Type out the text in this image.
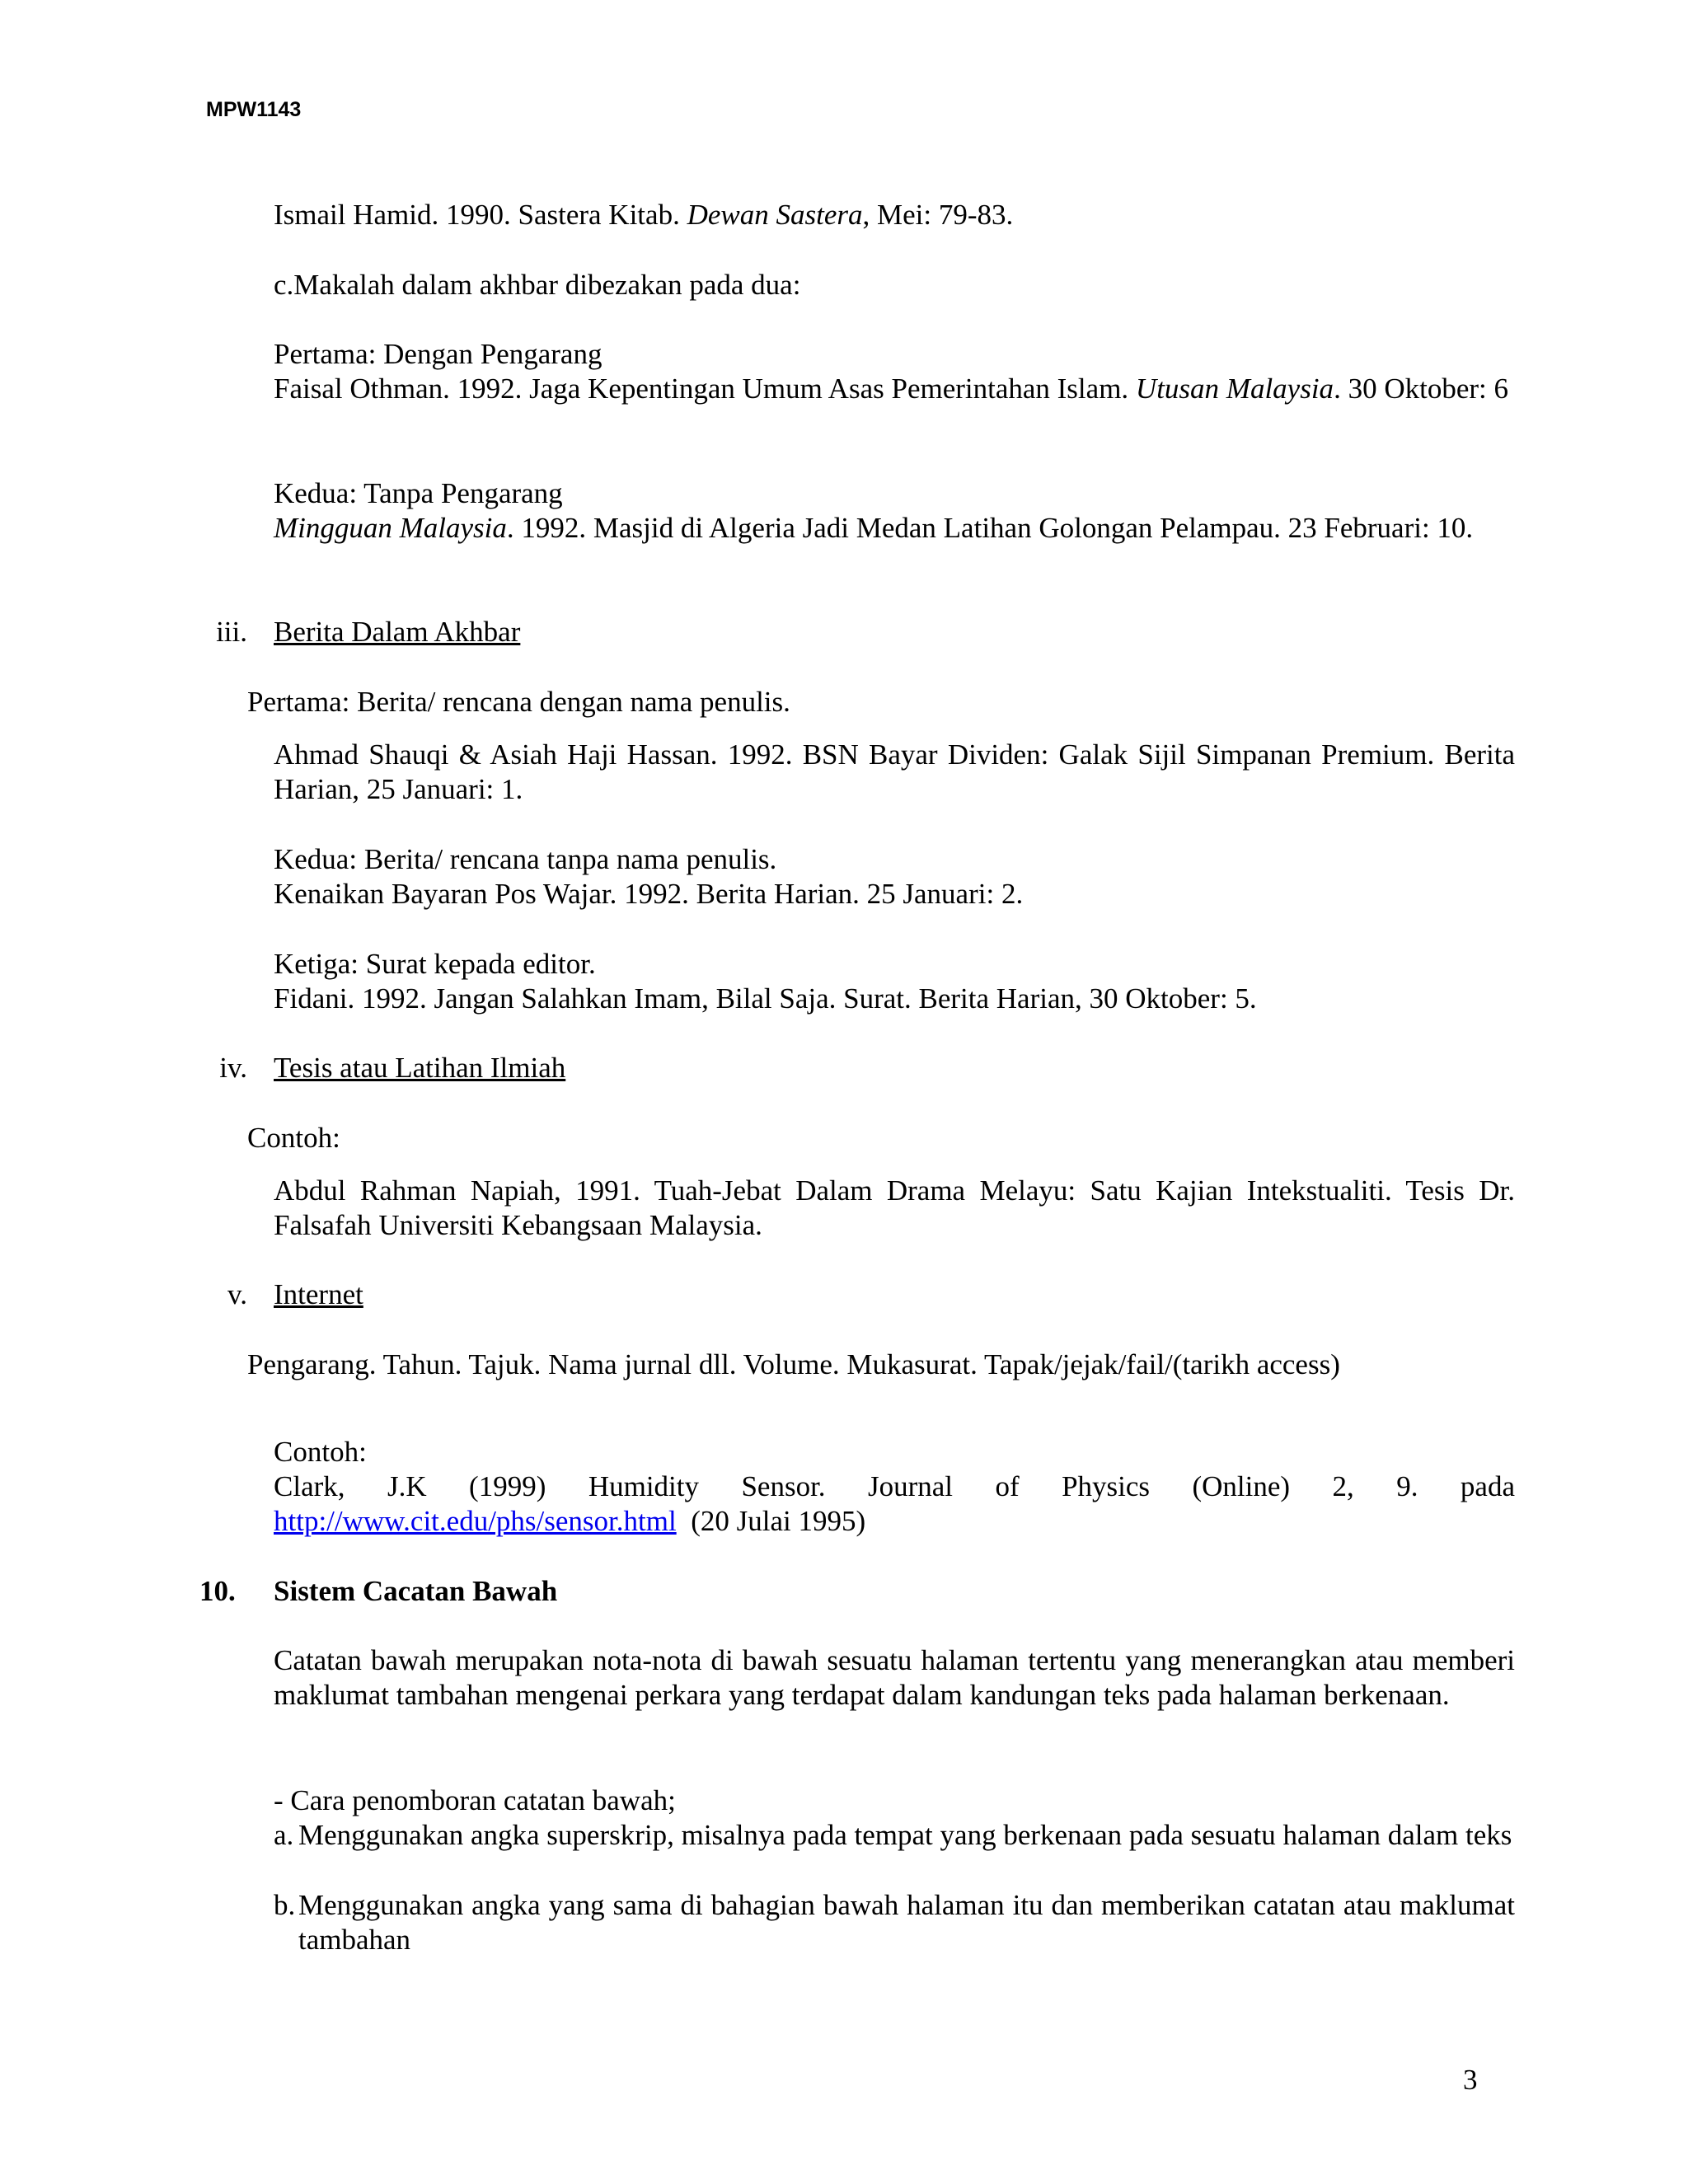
MPW1143
Ismail Hamid. 1990. Sastera Kitab. Dewan Sastera, Mei: 79-83.
c.Makalah dalam akhbar dibezakan pada dua:
Pertama: Dengan Pengarang
Faisal Othman. 1992. Jaga Kepentingan Umum Asas Pemerintahan Islam. Utusan Malaysia. 30 Oktober: 6
Kedua: Tanpa Pengarang
Mingguan Malaysia. 1992. Masjid di Algeria Jadi Medan Latihan Golongan Pelampau. 23 Februari: 10.
iii. Berita Dalam Akhbar
Pertama: Berita/ rencana dengan nama penulis.
Ahmad Shauqi & Asiah Haji Hassan. 1992. BSN Bayar Dividen: Galak Sijil Simpanan Premium. Berita Harian, 25 Januari: 1.
Kedua: Berita/ rencana tanpa nama penulis.
Kenaikan Bayaran Pos Wajar. 1992. Berita Harian. 25 Januari: 2.
Ketiga: Surat kepada editor.
Fidani. 1992. Jangan Salahkan Imam, Bilal Saja. Surat. Berita Harian, 30 Oktober: 5.
iv. Tesis atau Latihan Ilmiah
Contoh:
Abdul Rahman Napiah, 1991. Tuah-Jebat Dalam Drama Melayu: Satu Kajian Intekstualiti. Tesis Dr. Falsafah Universiti Kebangsaan Malaysia.
v. Internet
Pengarang. Tahun. Tajuk. Nama jurnal dll. Volume. Mukasurat. Tapak/jejak/fail/(tarikh access)
Contoh:
Clark, J.K (1999) Humidity Sensor. Journal of Physics (Online) 2, 9. pada
http://www.cit.edu/phs/sensor.html (20 Julai 1995)
10. Sistem Cacatan Bawah
Catatan bawah merupakan nota-nota di bawah sesuatu halaman tertentu yang menerangkan atau memberi maklumat tambahan mengenai perkara yang terdapat dalam kandungan teks pada halaman berkenaan.
- Cara penomboran catatan bawah;
a. Menggunakan angka superskrip, misalnya pada tempat yang berkenaan pada sesuatu halaman dalam teks
b. Menggunakan angka yang sama di bahagian bawah halaman itu dan memberikan catatan atau maklumat tambahan
3
